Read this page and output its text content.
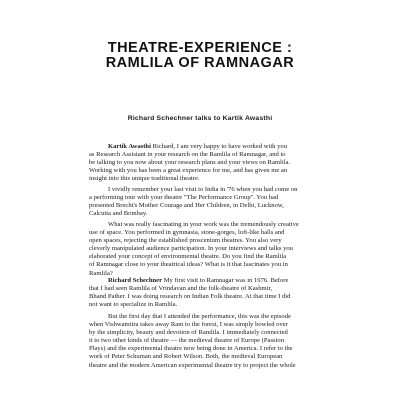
THEATRE-EXPERIENCE :
RAMLILA OF RAMNAGAR
Richard Schechner talks to Kartik Awasthi
Kartik Awasthi Richard, I am very happy to have worked with you
as Research Assistant in your research on the Ramlila of Ramnagar, and to
be talking to you now about your research plans and your views on Ramlila.
Working with you has been a great experience for me, and has given me an
insight into this unique traditional theatre.
I vividly remember your last visit to India in '76 when you had come on
a performing tour with your theatre "The Performance Group". You had
presented Brecht's Mother Courage and Her Children, in Delhi, Lucknow,
Calcutta and Bombay.
What was really fascinating in your work was the tremendously creative
use of space. You performed in gymnasia, stone-gorges, loft-like halls and
open spaces, rejecting the established proscenium theatres. You also very
cleverly manipulated audience participation. In your interviews and talks you
elaborated your concept of environmental theatre. Do you find the Ramlila
of Ramnagar close to your theatrical ideas? What is it that fascinates you in
Ramlila?
Richard Schechner My first visit to Ramnagar was in 1976. Before
that I had seen Ramlila of Vrindavan and the folk-theatre of Kashmir,
Bhand Pather. I was doing research on Indian Folk theatre. At that time I did
not want to specialize in Ramlila.
But the first day that I attended the performance, this was the episode
when Vishwamitra takes away Ram to the forest, I was simply bowled over
by the simplicity, beauty and devotion of Ramlila. I immediately connected
it to two other kinds of theatre — the medieval theatre of Europe (Passion
Plays) and the experimental theatre now being done in America. I refer to the
work of Peter Schuman and Robert Wilson. Both, the medieval European
theatre and the modern American experimental theatre try to project the whole
